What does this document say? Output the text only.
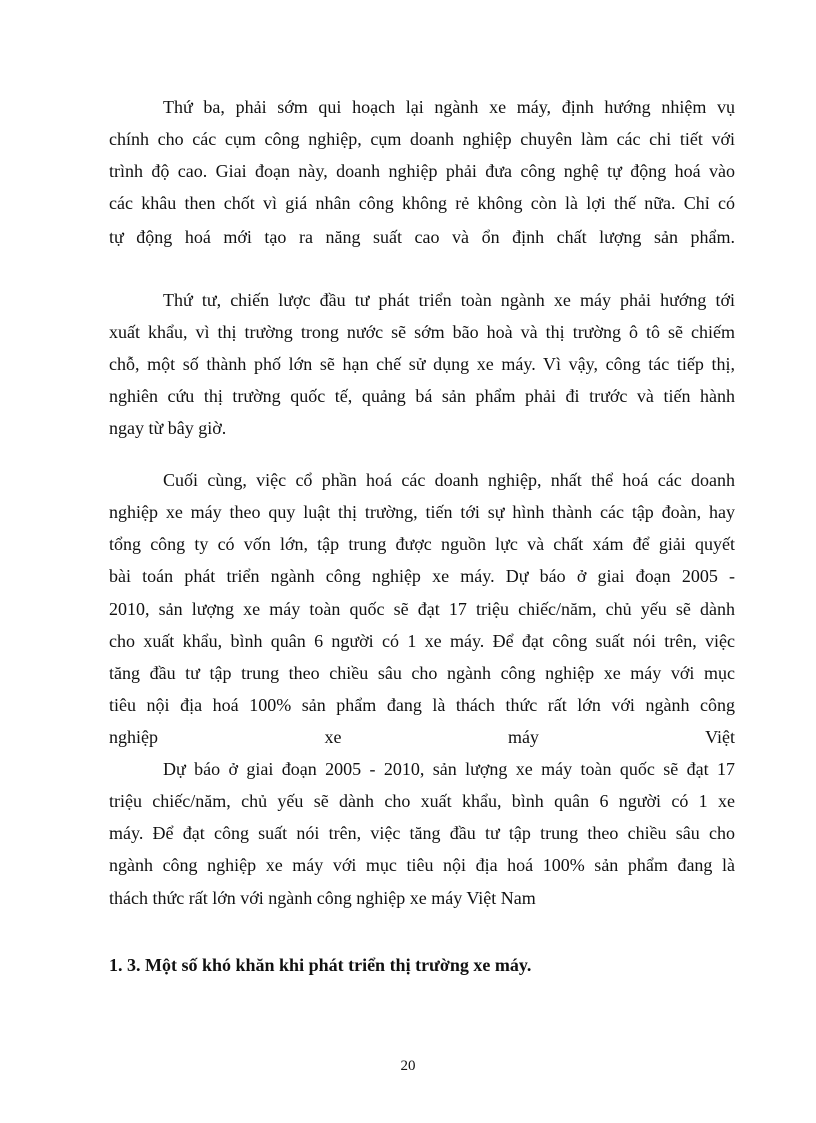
Thứ ba, phải sớm qui hoạch lại ngành xe máy, định hướng nhiệm vụ
chính cho các cụm công nghiệp, cụm doanh nghiệp chuyên làm các chi tiết với
trình độ cao. Giai đoạn này, doanh nghiệp phải đưa công nghệ tự động hoá vào
các khâu then chốt vì giá nhân công không rẻ không còn là lợi thế nữa. Chỉ có
tự động hoá mới tạo ra năng suất cao và ổn định chất lượng sản phẩm.
Thứ tư, chiến lược đầu tư phát triển toàn ngành xe máy phải hướng tới
xuất khẩu, vì thị trường trong nước sẽ sớm bão hoà và thị trường ô tô sẽ chiếm
chỗ, một số thành phố lớn sẽ hạn chế sử dụng xe máy. Vì vậy, công tác tiếp thị,
nghiên cứu thị trường quốc tế, quảng bá sản phẩm phải đi trước và tiến hành
ngay từ bây giờ.
Cuối cùng, việc cổ phần hoá các doanh nghiệp, nhất thể hoá các doanh
nghiệp xe máy theo quy luật thị trường, tiến tới sự hình thành các tập đoàn, hay
tổng công ty có vốn lớn, tập trung được nguồn lực và chất xám để giải quyết
bài toán phát triển ngành công nghiệp xe máy. Dự báo ở giai đoạn 2005 -
2010, sản lượng xe máy toàn quốc sẽ đạt 17 triệu chiếc/năm, chủ yếu sẽ dành
cho xuất khẩu, bình quân 6 người có 1 xe máy. Để đạt công suất nói trên, việc
tăng đầu tư tập trung theo chiều sâu cho ngành công nghiệp xe máy với mục
tiêu nội địa hoá 100% sản phẩm đang là thách thức rất lớn với ngành công
nghiệp xe máy Việt
Dự báo ở giai đoạn 2005 - 2010, sản lượng xe máy toàn quốc sẽ đạt 17
triệu chiếc/năm, chủ yếu sẽ dành cho xuất khẩu, bình quân 6 người có 1 xe
máy. Để đạt công suất nói trên, việc tăng đầu tư tập trung theo chiều sâu cho
ngành công nghiệp xe máy với mục tiêu nội địa hoá 100% sản phẩm đang là
thách thức rất lớn với ngành công nghiệp xe máy Việt Nam
1. 3. Một số khó khăn khi phát triển thị trường xe máy.
20
